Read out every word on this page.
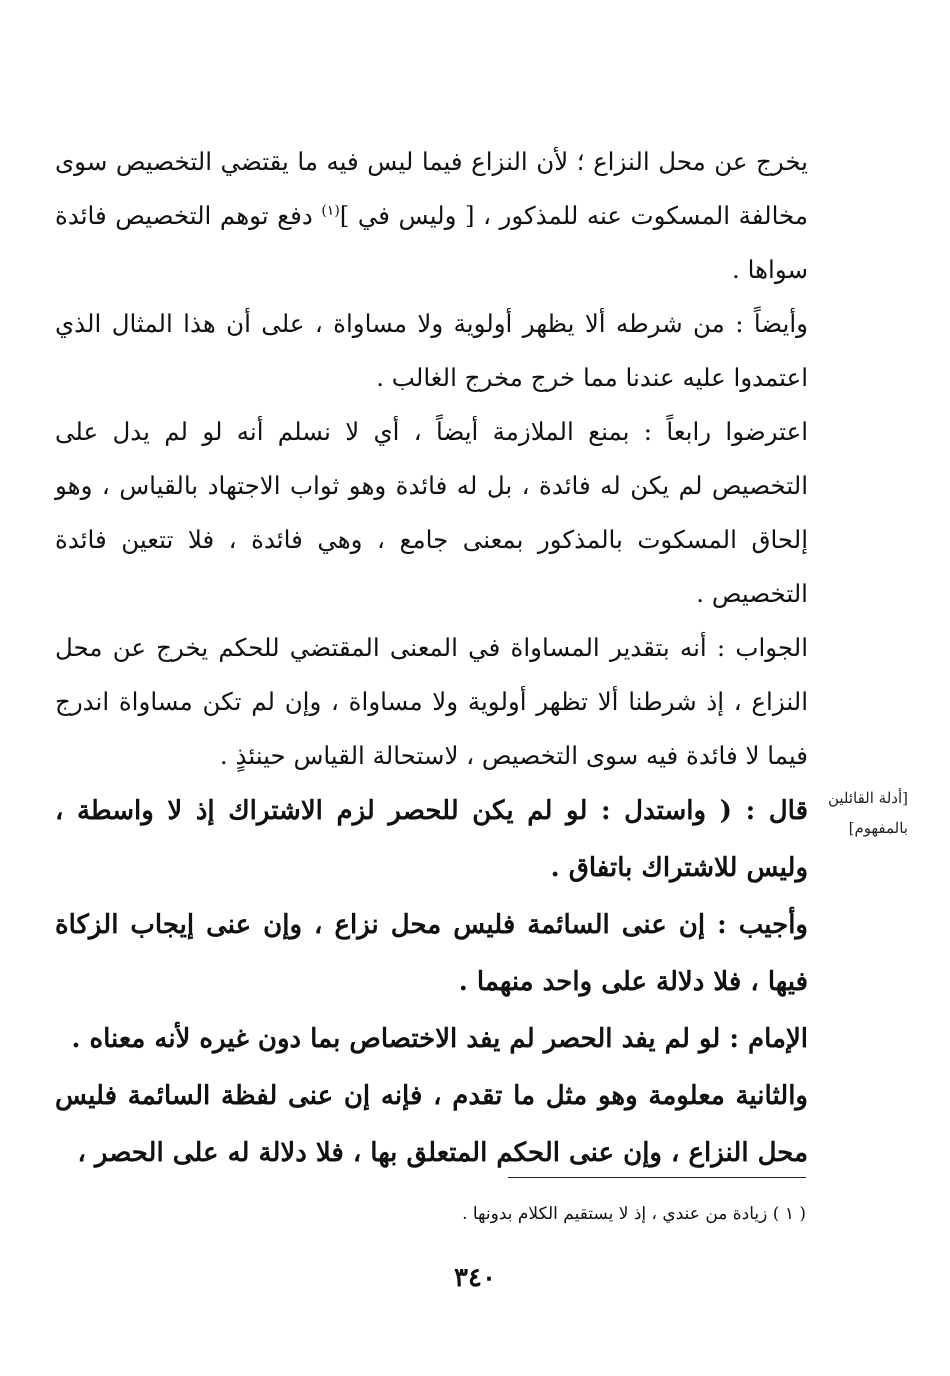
يخرج عن محل النزاع ؛ لأن النزاع فيما ليس فيه ما يقتضي التخصيص سوى مخالفة المسكوت عنه للمذكور ، [ وليس في ]$^{(١)}$ دفع توهم التخصيص فائدة سواها .

وأيضاً : من شرطه ألا يظهر أولوية ولا مساواة ، على أن هذا المثال الذي اعتمدوا عليه عندنا مما خرج مخرج الغالب .

اعترضوا رابعاً : بمنع الملازمة أيضاً ، أي لا نسلم أنه لو لم يدل على التخصيص لم يكن له فائدة ، بل له فائدة وهو ثواب الاجتهاد بالقياس ، وهو إلحاق المسكوت بالمذكور بمعنى جامع ، وهي فائدة ، فلا تتعين فائدة التخصيص .

الجواب : أنه بتقدير المساواة في المعنى المقتضي للحكم يخرج عن محل النزاع ، إذ شرطنا ألا تظهر أولوية ولا مساواة ، وإن لم تكن مساواة اندرج فيما لا فائدة فيه سوى التخصيص ، لاستحالة القياس حينئذٍ .

قال : ( واستدل : لو لم يكن للحصر لزم الاشتراك إذ لا واسطة ، وليس للاشتراك باتفاق .

وأجيب : إن عنى السائمة فليس محل نزاع ، وإن عنى إيجاب الزكاة فيها ، فلا دلالة على واحد منهما .

الإمام : لو لم يفد الحصر لم يفد الاختصاص بما دون غيره لأنه معناه .

والثانية معلومة وهو مثل ما تقدم ، فإنه إن عنى لفظة السائمة فليس محل النزاع ، وإن عنى الحكم المتعلق بها ، فلا دلالة له على الحصر ،

[أدلة القائلين
بالمفهوم]
( ١ ) زيادة من عندي ، إذ لا يستقيم الكلام بدونها .
٣٤٠
